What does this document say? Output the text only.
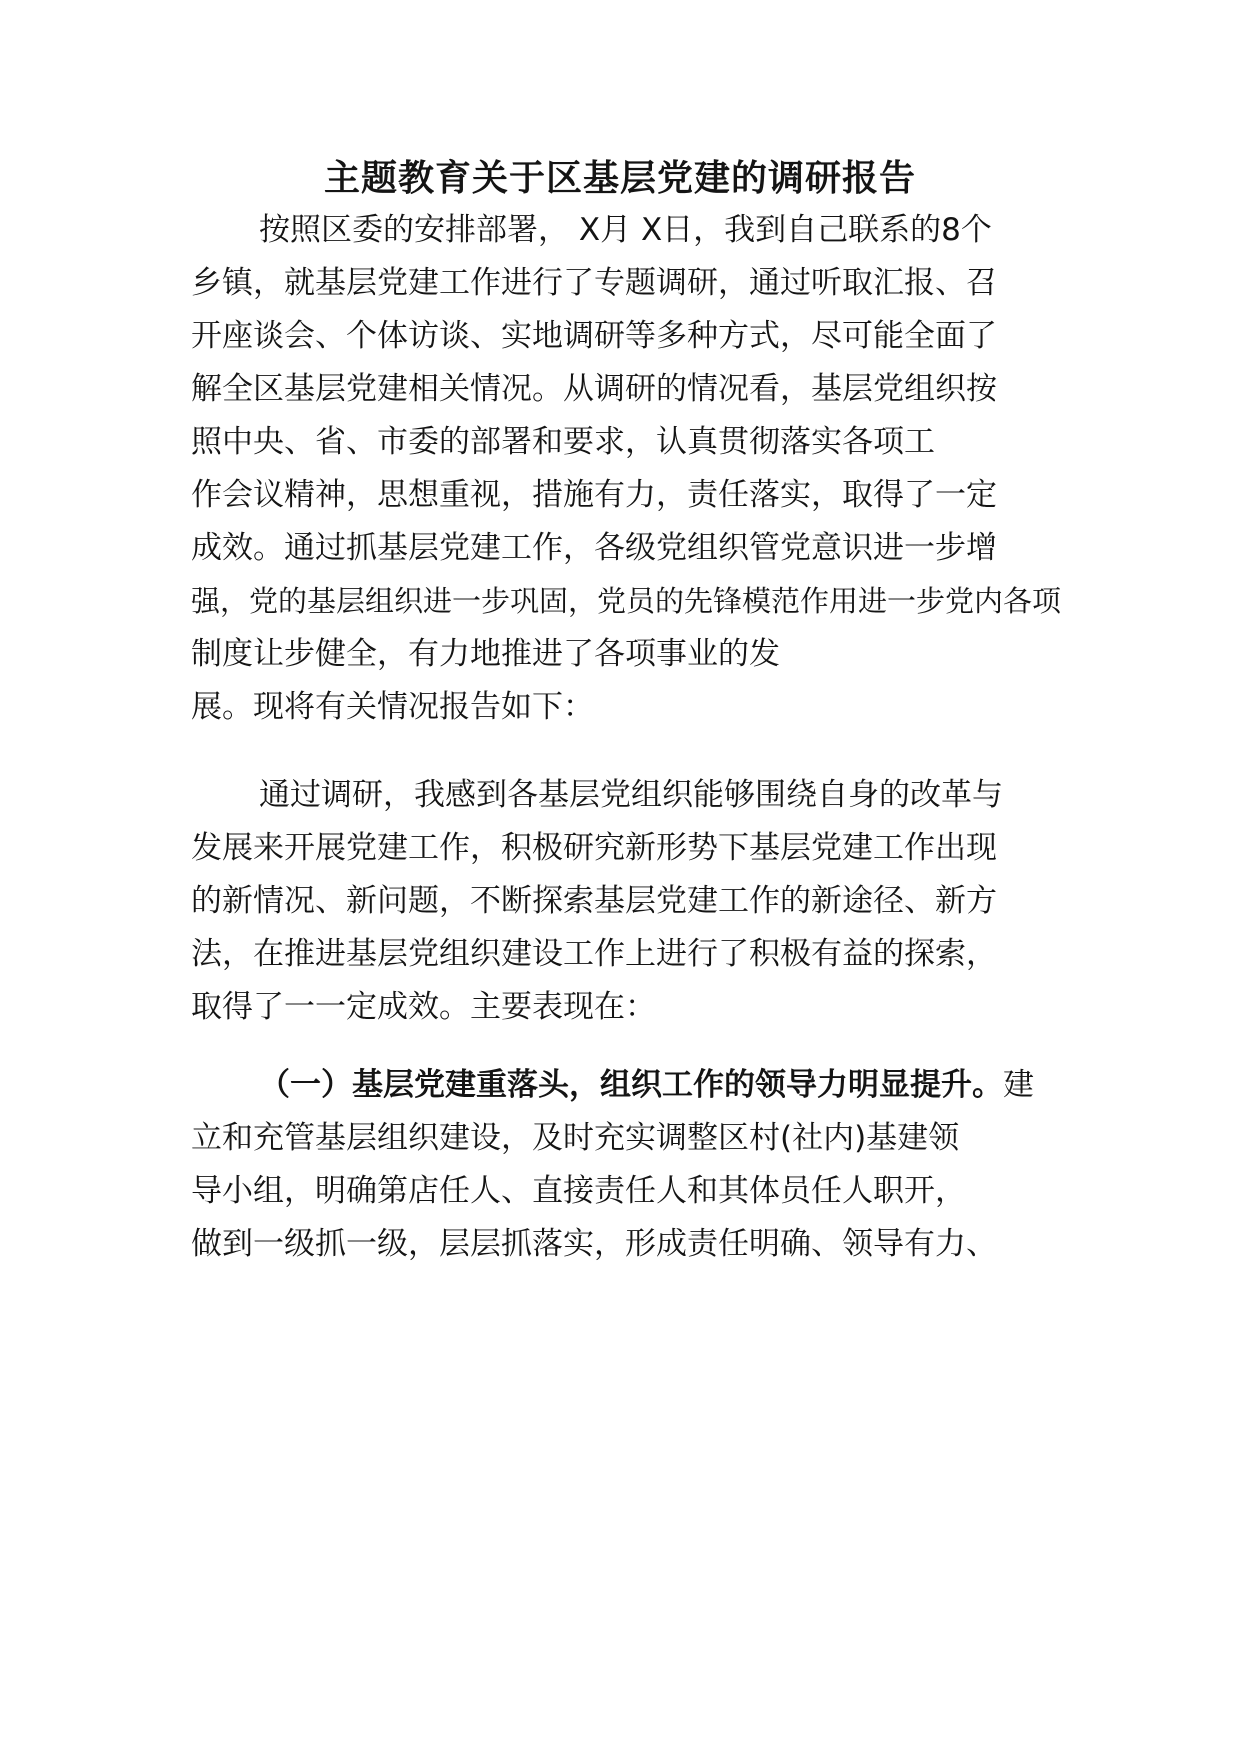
主题教育关于区基层党建的调研报告

按照区委的安排部署， X月 X日，我到自己联系的8个

乡镇，就基层党建工作进行了专题调研，通过听取汇报、召

开座谈会、个体访谈、实地调研等多种方式，尽可能全面了

解全区基层党建相关情况。从调研的情况看，基层党组织按

照中央、省、市委的部署和要求，认真贯彻落实各项工

作会议精神，思想重视，措施有力，责任落实，取得了一定

成效。通过抓基层党建工作，各级党组织管党意识进一步增

强，党的基层组织进一步巩固，党员的先锋模范作用进一步党内各项

制度让步健全，有力地推进了各项事业的发

展。现将有关情况报告如下：

通过调研，我感到各基层党组织能够围绕自身的改革与

发展来开展党建工作，积极研究新形势下基层党建工作出现

的新情况、新问题，不断探索基层党建工作的新途径、新方

法，在推进基层党组织建设工作上进行了积极有益的探索，

取得了一一定成效。主要表现在：

（一）基层党建重落头，组织工作的领导力明显提升。建

立和充管基层组织建设，及时充实调整区村(社内)基建领

导小组，明确第店任人、直接责任人和其体员任人职开，

做到一级抓一级，层层抓落实，形成责任明确、领导有力、
